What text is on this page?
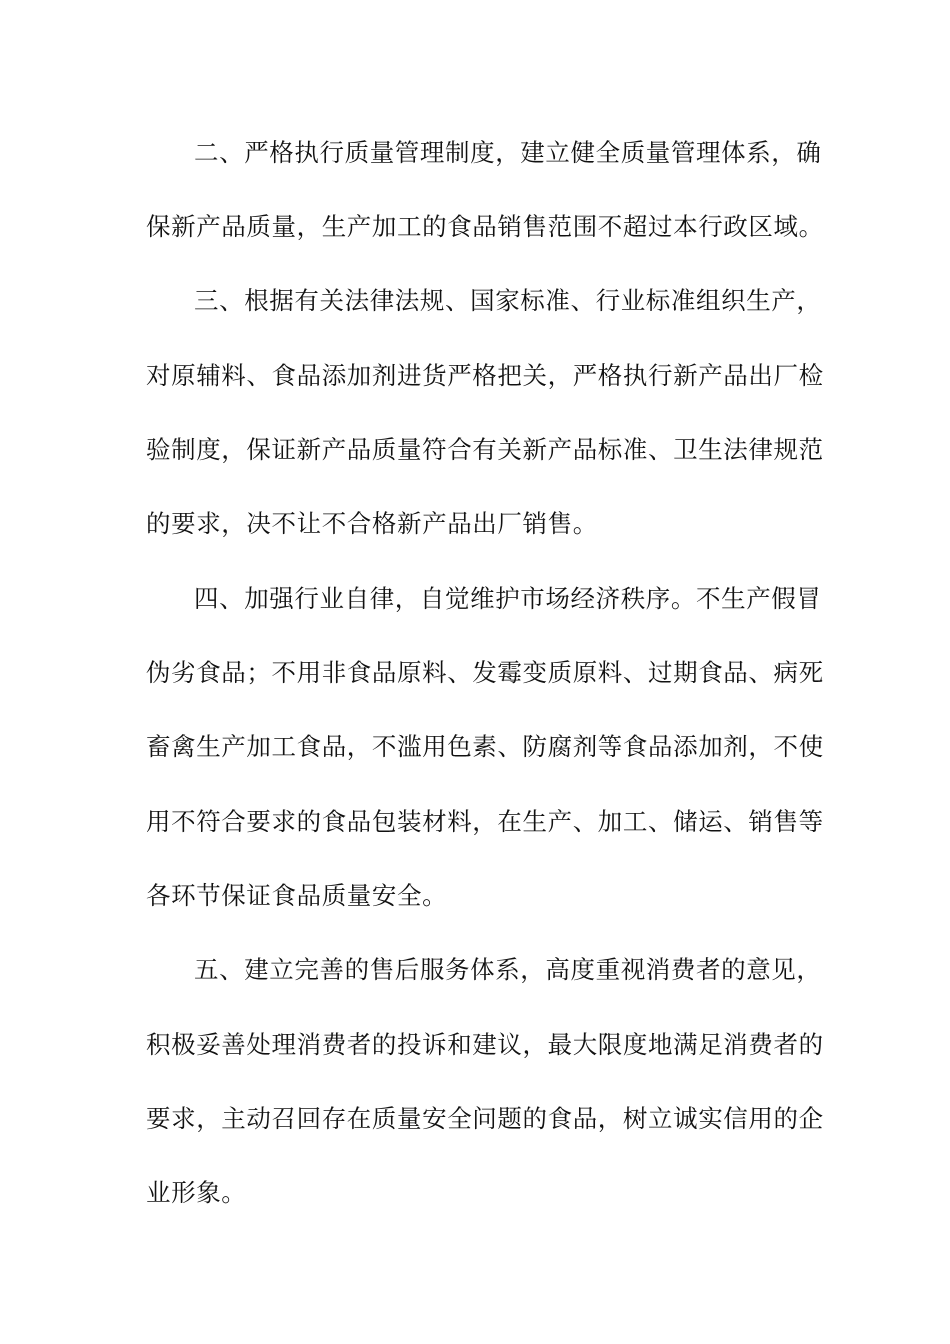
二、严格执行质量管理制度，建立健全质量管理体系，确
保新产品质量，生产加工的食品销售范围不超过本行政区域。
三、根据有关法律法规、国家标准、行业标准组织生产，
对原辅料、食品添加剂进货严格把关，严格执行新产品出厂检
验制度，保证新产品质量符合有关新产品标准、卫生法律规范
的要求，决不让不合格新产品出厂销售。
四、加强行业自律，自觉维护市场经济秩序。不生产假冒
伪劣食品；不用非食品原料、发霉变质原料、过期食品、病死
畜禽生产加工食品，不滥用色素、防腐剂等食品添加剂，不使
用不符合要求的食品包装材料，在生产、加工、储运、销售等
各环节保证食品质量安全。
五、建立完善的售后服务体系，高度重视消费者的意见，
积极妥善处理消费者的投诉和建议，最大限度地满足消费者的
要求，主动召回存在质量安全问题的食品，树立诚实信用的企
业形象。
